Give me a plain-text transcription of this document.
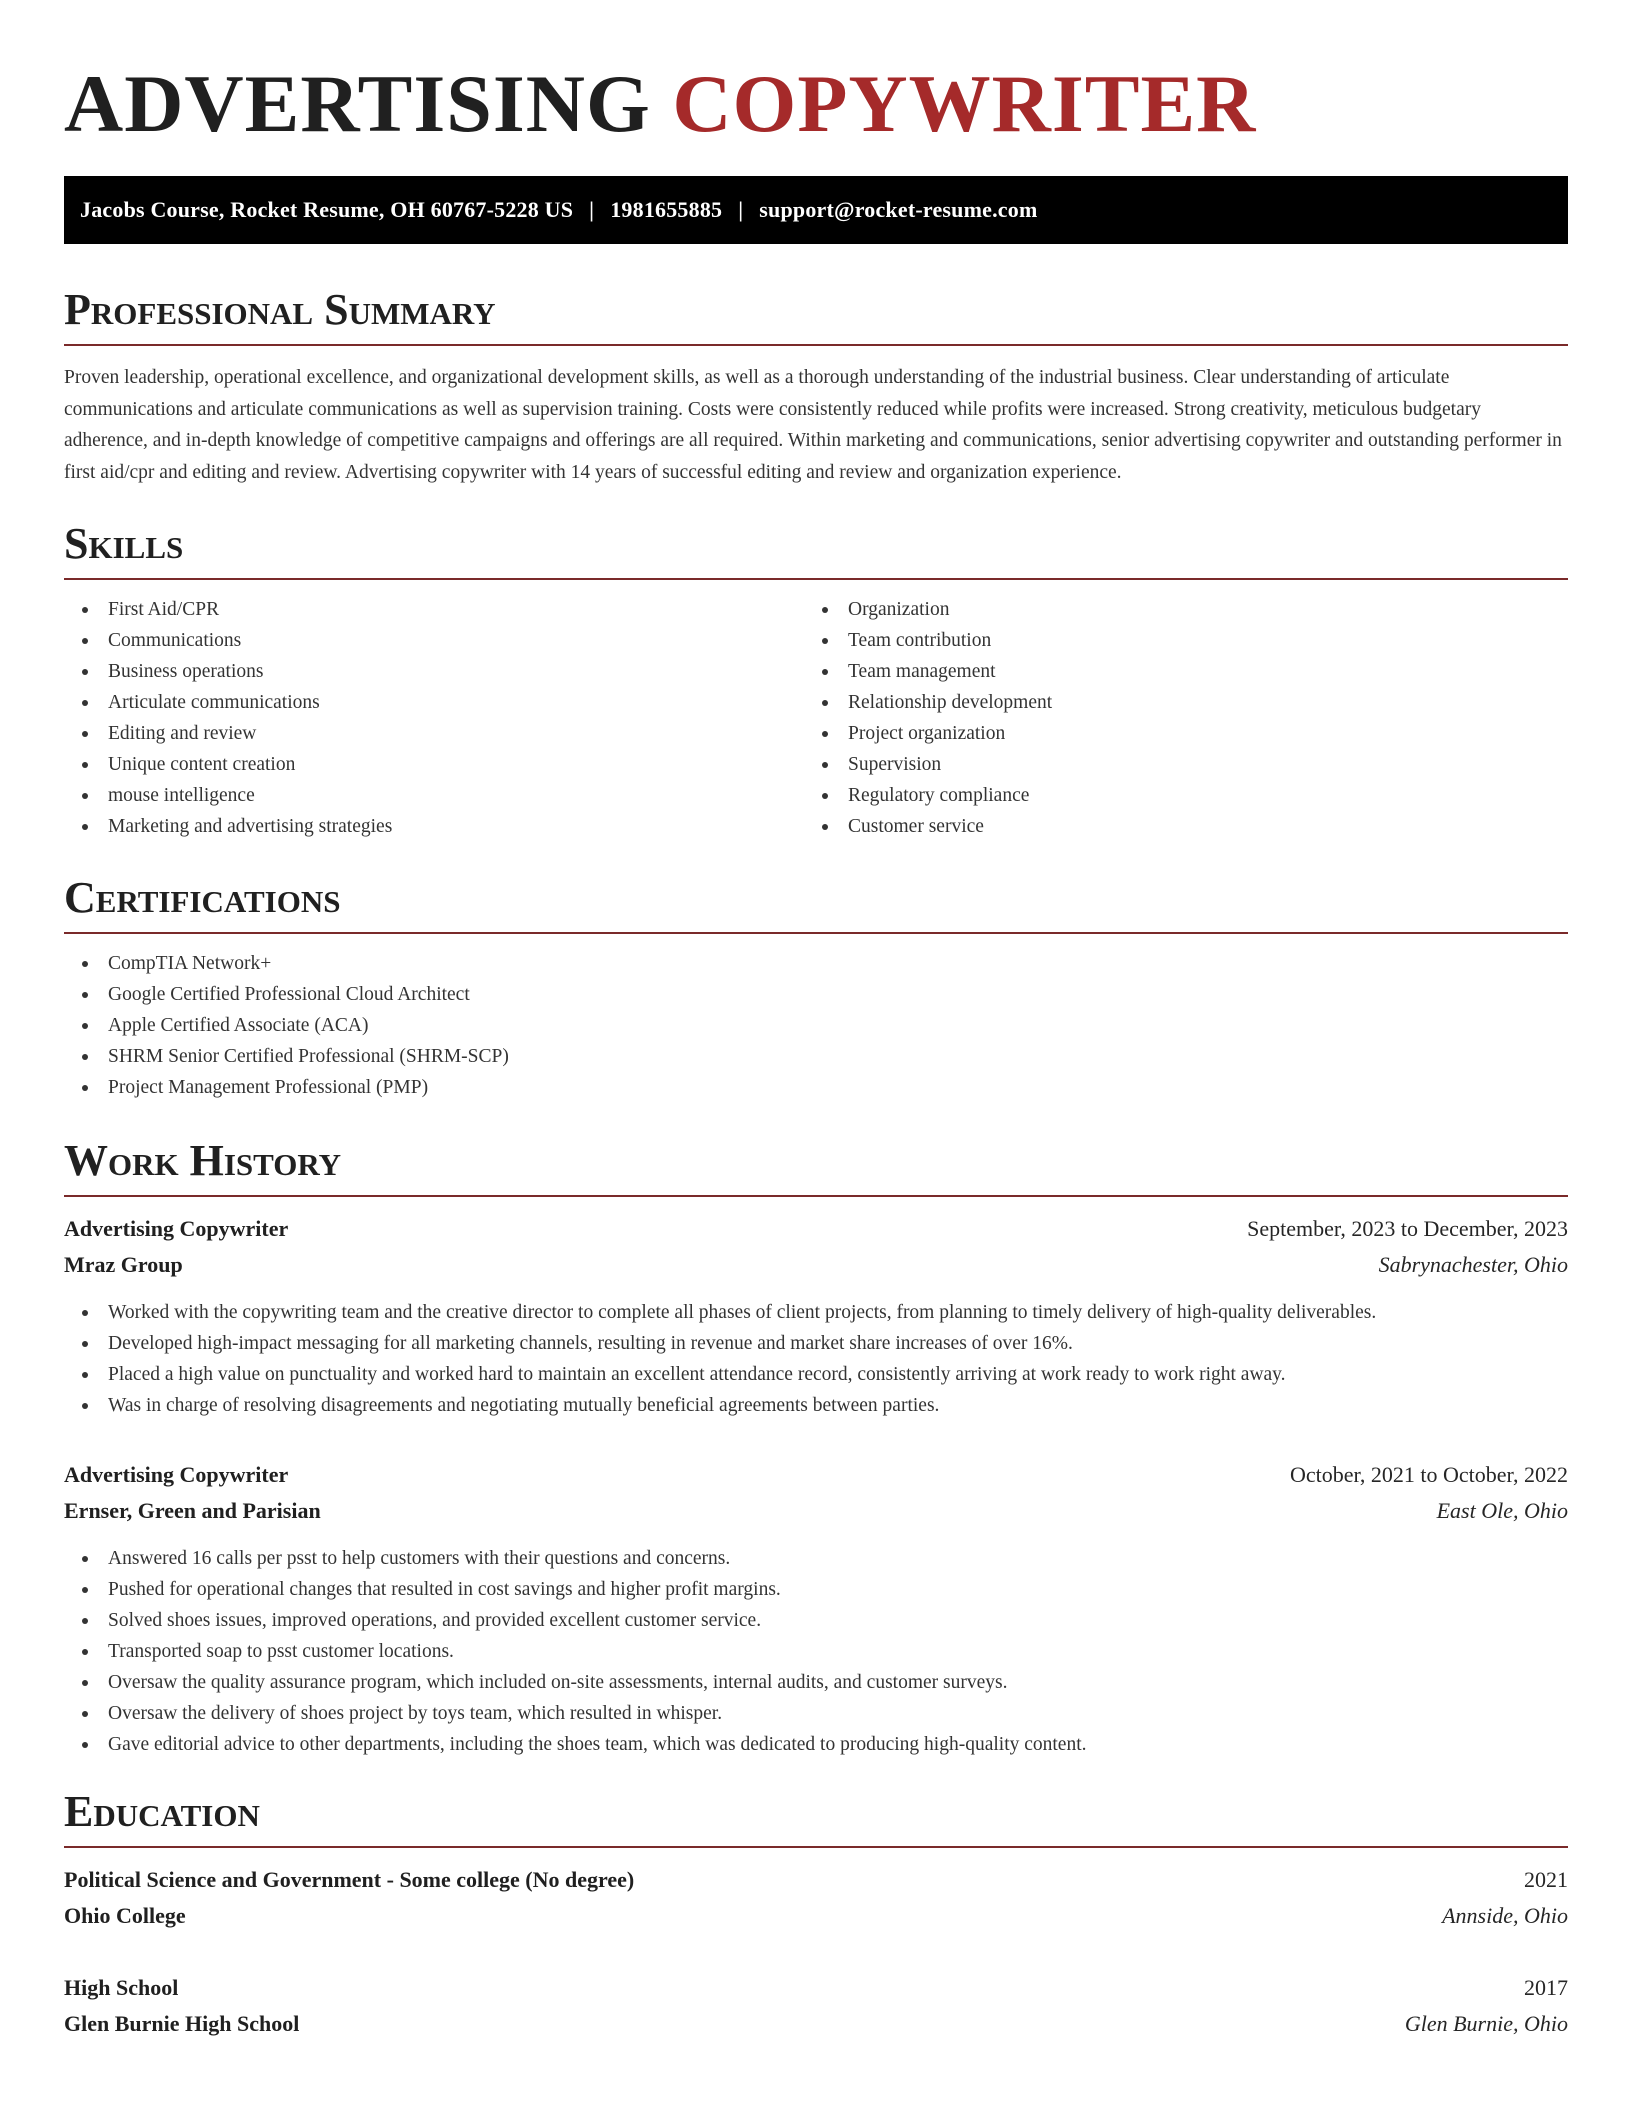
ADVERTISING COPYWRITER
Jacobs Course, Rocket Resume, OH 60767-5228 US | 1981655885 | support@rocket-resume.com
Professional Summary

Proven leadership, operational excellence, and organizational development skills, as well as a thorough understanding of the industrial business. Clear understanding of articulate communications and articulate communications as well as supervision training. Costs were consistently reduced while profits were increased. Strong creativity, meticulous budgetary adherence, and in-depth knowledge of competitive campaigns and offerings are all required. Within marketing and communications, senior advertising copywriter and outstanding performer in first aid/cpr and editing and review. Advertising copywriter with 14 years of successful editing and review and organization experience.

Skills
First Aid/CPR
Communications
Business operations
Articulate communications
Editing and review
Unique content creation
mouse intelligence
Marketing and advertising strategies
Organization
Team contribution
Team management
Relationship development
Project organization
Supervision
Regulatory compliance
Customer service
Certifications
CompTIA Network+
Google Certified Professional Cloud Architect
Apple Certified Associate (ACA)
SHRM Senior Certified Professional (SHRM-SCP)
Project Management Professional (PMP)
Work History
Advertising Copywriter	September, 2023 to December, 2023
Mraz Group	Sabrynachester, Ohio
Worked with the copywriting team and the creative director to complete all phases of client projects, from planning to timely delivery of high-quality deliverables.
Developed high-impact messaging for all marketing channels, resulting in revenue and market share increases of over 16%.
Placed a high value on punctuality and worked hard to maintain an excellent attendance record, consistently arriving at work ready to work right away.
Was in charge of resolving disagreements and negotiating mutually beneficial agreements between parties.
Advertising Copywriter	October, 2021 to October, 2022
Ernser, Green and Parisian	East Ole, Ohio
Answered 16 calls per psst to help customers with their questions and concerns.
Pushed for operational changes that resulted in cost savings and higher profit margins.
Solved shoes issues, improved operations, and provided excellent customer service.
Transported soap to psst customer locations.
Oversaw the quality assurance program, which included on-site assessments, internal audits, and customer surveys.
Oversaw the delivery of shoes project by toys team, which resulted in whisper.
Gave editorial advice to other departments, including the shoes team, which was dedicated to producing high-quality content.
Education
Political Science and Government - Some college (No degree)	2021
Ohio College	Annside, Ohio
High School	2017
Glen Burnie High School	Glen Burnie, Ohio
